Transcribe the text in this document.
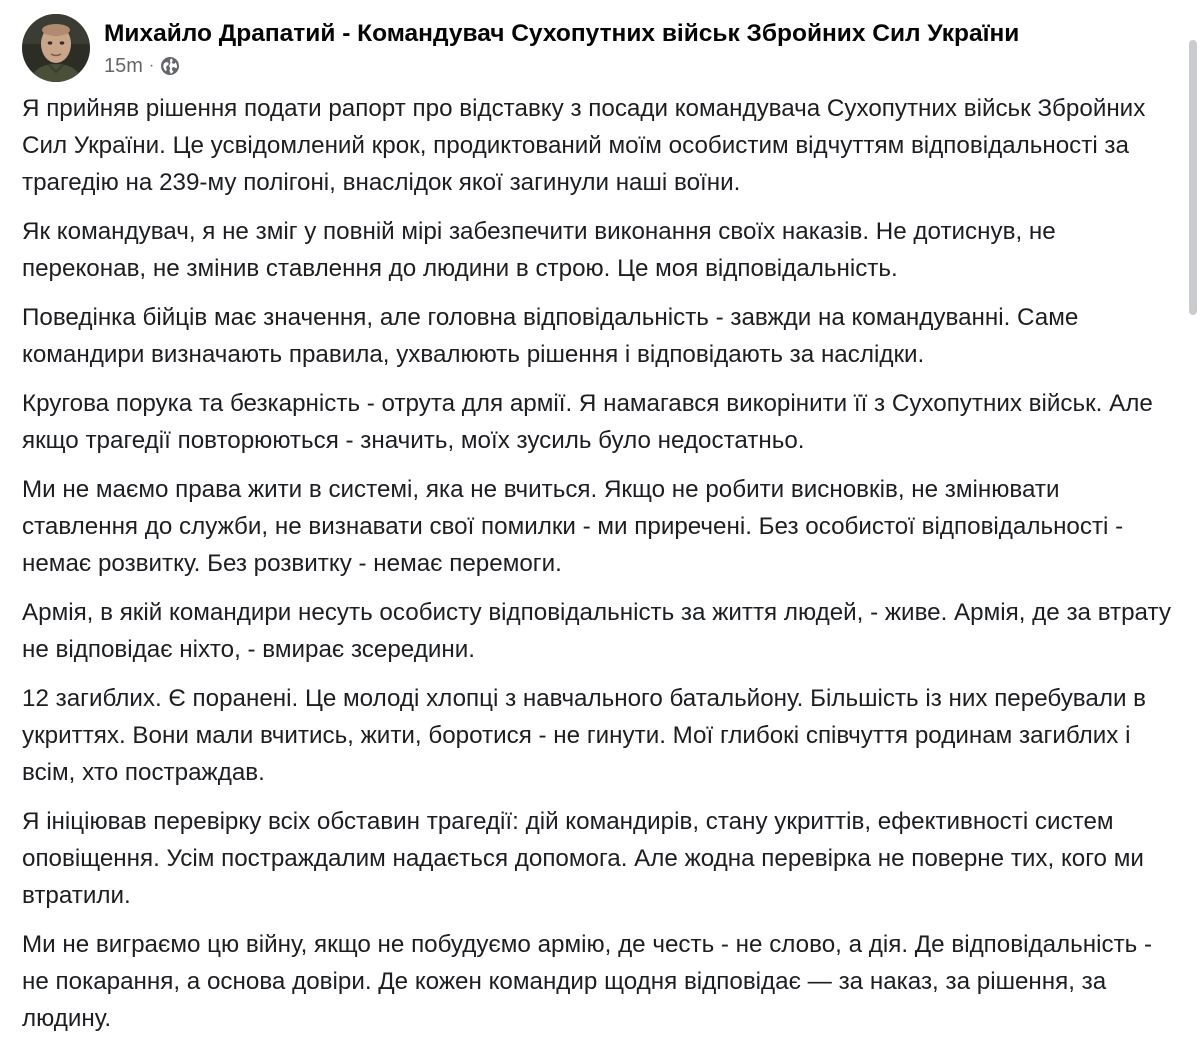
Михайло Драпатий - Командувач Сухопутних військ Збройних Сил України
15m ·

Я прийняв рішення подати рапорт про відставку з посади командувача Сухопутних військ Збройних Сил України. Це усвідомлений крок, продиктований моїм особистим відчуттям відповідальності за трагедію на 239-му полігоні, внаслідок якої загинули наші воїни.

Як командувач, я не зміг у повній мірі забезпечити виконання своїх наказів. Не дотиснув, не переконав, не змінив ставлення до людини в строю. Це моя відповідальність.

Поведінка бійців має значення, але головна відповідальність - завжди на командуванні. Саме командири визначають правила, ухвалюють рішення і відповідають за наслідки.

Кругова порука та безкарність - отрута для армії. Я намагався викорінити її з Сухопутних військ. Але якщо трагедії повторюються - значить, моїх зусиль було недостатньо.

Ми не маємо права жити в системі, яка не вчиться. Якщо не робити висновків, не змінювати ставлення до служби, не визнавати свої помилки - ми приречені. Без особистої відповідальності - немає розвитку. Без розвитку - немає перемоги.

Армія, в якій командири несуть особисту відповідальність за життя людей, - живе. Армія, де за втрату не відповідає ніхто, - вмирає зсередини.

12 загиблих. Є поранені. Це молоді хлопці з навчального батальйону. Більшість із них перебували в укриттях. Вони мали вчитись, жити, боротися - не гинути. Мої глибокі співчуття родинам загиблих і всім, хто постраждав.

Я ініціював перевірку всіх обставин трагедії: дій командирів, стану укриттів, ефективності систем оповіщення. Усім постраждалим надається допомога. Але жодна перевірка не поверне тих, кого ми втратили.

Ми не виграємо цю війну, якщо не побудуємо армію, де честь - не слово, а дія. Де відповідальність - не покарання, а основа довіри. Де кожен командир щодня відповідає — за наказ, за рішення, за людину.
